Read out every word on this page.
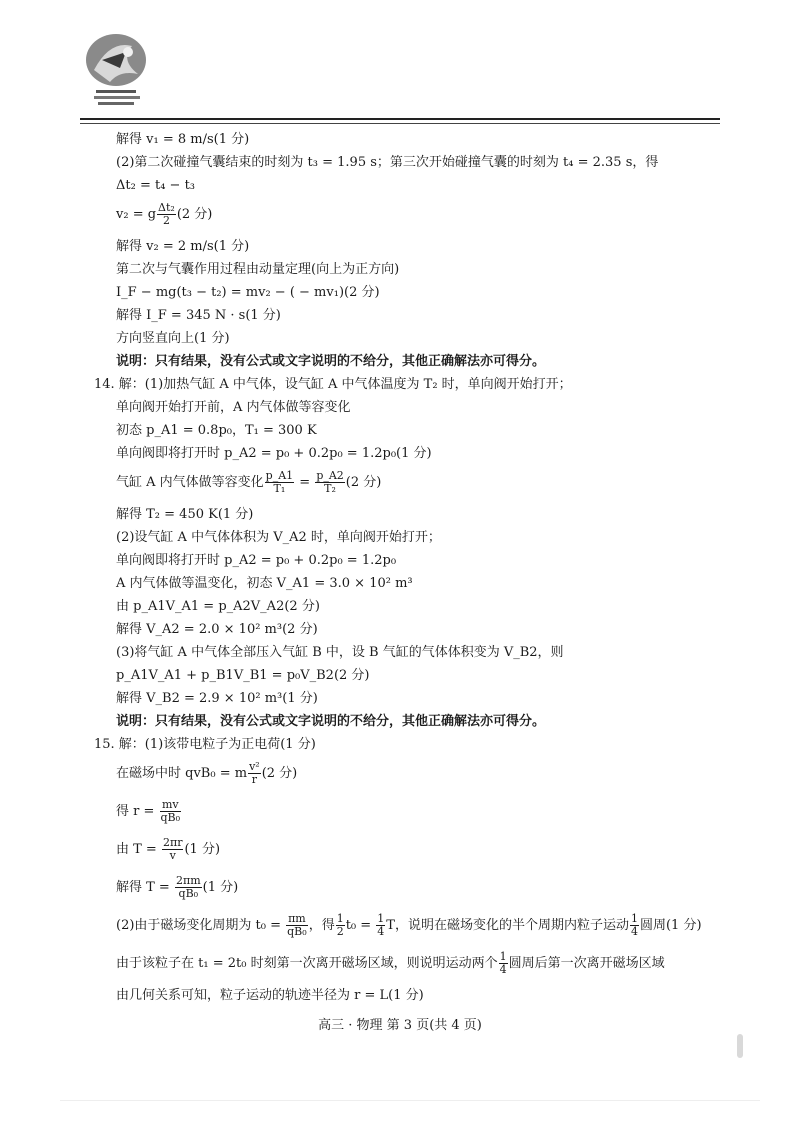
解得 v₁ = 8 m/s(1 分)
(2)第二次碰撞气囊结束的时刻为 t₃ = 1.95 s；第三次开始碰撞气囊的时刻为 t₄ = 2.35 s，得
Δt₂ = t₄ − t₃
v₂ = g $\frac{\text{Δt₂}}{2} (2$ 分)
解得 v₂ = 2 m/s(1 分)
第二次与气囊作用过程由动量定理(向上为正方向)
I_F − mg(t₃ − t₂) = mv₂ − ( − mv₁)(2 分)
解得 I_F = 345 N · s(1 分)
方向竖直向上(1 分)
说明：只有结果，没有公式或文字说明的不给分，其他正确解法亦可得分。
14. 解：(1)加热气缸 A 中气体，设气缸 A 中气体温度为 T₂ 时，单向阀开始打开；
单向阀开始打开前，A 内气体做等容变化
初态 p_A1 = 0.8p₀，T₁ = 300 K
单向阀即将打开时 p_A2 = p₀ + 0.2p₀ = 1.2p₀(1 分)
气缸 A 内气体做等容变化 $\frac{p\_A1}{\text{T₁}} = \frac{p\_A2}{\text{T₂}} (2$ 分)
解得 T₂ = 450 K(1 分)
(2)设气缸 A 中气体体积为 V_A2 时，单向阀开始打开；
单向阀即将打开时 p_A2 = p₀ + 0.2p₀ = 1.2p₀
A 内气体做等温变化，初态 V_A1 = 3.0 × 10² m³
由 p_A1V_A1 = p_A2V_A2(2 分)
解得 V_A2 = 2.0 × 10² m³(2 分)
(3)将气缸 A 中气体全部压入气缸 B 中，设 B 气缸的气体体积变为 V_B2，则
p_A1V_A1 + p_B1V_B1 = p₀V_B2(2 分)
解得 V_B2 = 2.9 × 10² m³(1 分)
说明：只有结果，没有公式或文字说明的不给分，其他正确解法亦可得分。
15. 解：(1)该带电粒子为正电荷(1 分)
在磁场中时 qvB₀ = m $\frac{\text{v²}}{r} (2$ 分)
得 $r = \frac{mv}{\text{qB₀}}$
由 $T = \frac{2\pi r}{v} (1$ 分)
解得 $T = \frac{2\pi m}{\text{qB₀}} (1$ 分)
(2)由于磁场变化周期为 $t_0 = \frac{\pi m}{\text{qB₀}}$ ，得 $\frac{1}{2} t_0 = \frac{1}{4}$ T，说明在磁场变化的半个周期内粒子运动 $\frac{1}{4}$ 圆周(1 分)
由于该粒子在 t₁ = 2t₀ 时刻第一次离开磁场区域，则说明运动两个 $\frac{1}{4}$ 圆周后第一次离开磁场区域
由几何关系可知，粒子运动的轨迹半径为 r = L(1 分)
高三 · 物理 第 3 页(共 4 页)
